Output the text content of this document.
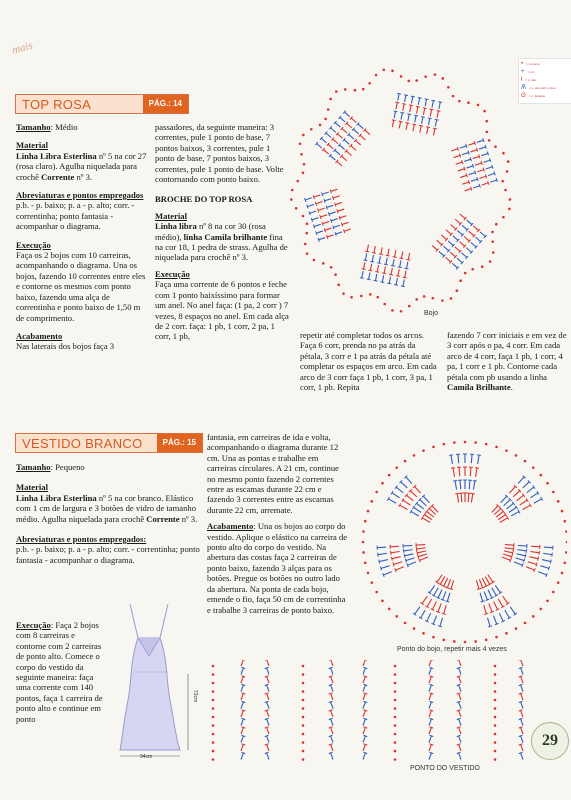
mais
• = corrente
+ = p.b.
ł = p. alto
Ѫ = p. alto trab. juntos
ʘ = p. fantasia
TOP ROSA	PÁG.: 14

Tamanho: Médio

Material
Linha Libra Esterlina nº 5 na cor 27 (rosa claro). Agulha niquelada para crochê Corrente nº 3.

Abreviaturas e pontos empregados
p.b. - p. baixo; p. a - p. alto; corr. - correntinha; ponto fantasia - acompanhar o diagrama.

Execução
Faça os 2 bojos com 10 carreiras, acompanhando o diagrama. Una os bojos, fazendo 10 correntes entre eles e contorne os mesmos com ponto baixo, fazendo uma alça de correntinha e ponto baixo de 1,50 m de comprimento.

Acabamento
Nas laterais dos bojos faça 3

passadores, da seguinte maneira: 3 correntes, pule 1 ponto de base, 7 pontos baixos, 3 correntes, pule 1 ponto de base, 7 pontos baixos, 3 correntes, pule 1 ponto de base. Volte contornando com ponto baixo.

BROCHE DO TOP ROSA

Material
Linha libra nº 8 na cor 30 (rosa médio), linha Camila brilhante fina na cor 18, 1 pedra de strass. Agulha de niquelada para crochê nº 3.

Execução
Faça uma corrente de 6 pontos e feche com 1 ponto baixíssimo para formar um anel. No anel faça: (1 pa, 2 corr ) 7 vezes, 8 espaços no anel. Em cada alça de 2 corr. faça: 1 pb, 1 corr, 2 pa, 1 corr, 1 pb,	repetir até completar todos os arcos. Faça 6 corr, prenda no pa atrás da pétala, 3 corr e 1 pa atrás da pétala até completar os espaços em arco. Em cada arco de 3 corr faça 1 pb, 1 corr, 3 pa, 1 corr, 1 pb. Repita

fazendo 7 corr iniciais e em vez de 3 corr após o pa, 4 corr. Em cada arco de 4 corr, faça 1 pb, 1 corr, 4 pa, 1 corr e 1 pb. Contorne cada pétala com pb usando a linha Camila Brilhante.

Bojo
VESTIDO BRANCO	PÁG.: 15

Tamanho: Pequeno

Material
Linha Libra Esterlina nº 5 na cor branco. Elástico com 1 cm de largura e 3 botões de vidro de tamanho médio. Agulha niquelada para crochê Corrente nº 3.

Abreviaturas e pontos empregados:
p.b. - p. baixo; p. a - p. alto; corr. - correntinha; ponto fantasia - acompanhar o diagrama.

Execução: Faça 2 bojos com 8 carreiras e contorne com 2 carreiras de ponto alto. Comece o corpo do vestido da seguinte maneira: faça uma corrente com 140 pontos, faça 1 carreira de ponto alto e continue em ponto

73cm
94cm

fantasia, em carreiras de ida e volta, acompanhando o diagrama durante 12 cm. Una as pontas e trabalhe em carreiras circulares. A 21 cm, continue no mesmo ponto fazendo 2 correntes entre as escamas durante 22 cm e fazendo 3 correntes entre as escamas durante 22 cm, arremate.

Acabamento: Una os bojos ao corpo do vestido. Aplique o elástico na carreira de ponto alto do corpo do vestido. Na abertura das costas faça 2 carreiras de ponto baixo, fazendo 3 alças para os botões. Pregue os botões no outro lado da abertura. Na ponta de cada bojo, emende o fio, faça 50 cm de correntinha e trabalhe 3 carreiras de ponto baixo.

Ponto do bojo, repetir mais 4 vezes
PONTO DO VESTIDO
29
